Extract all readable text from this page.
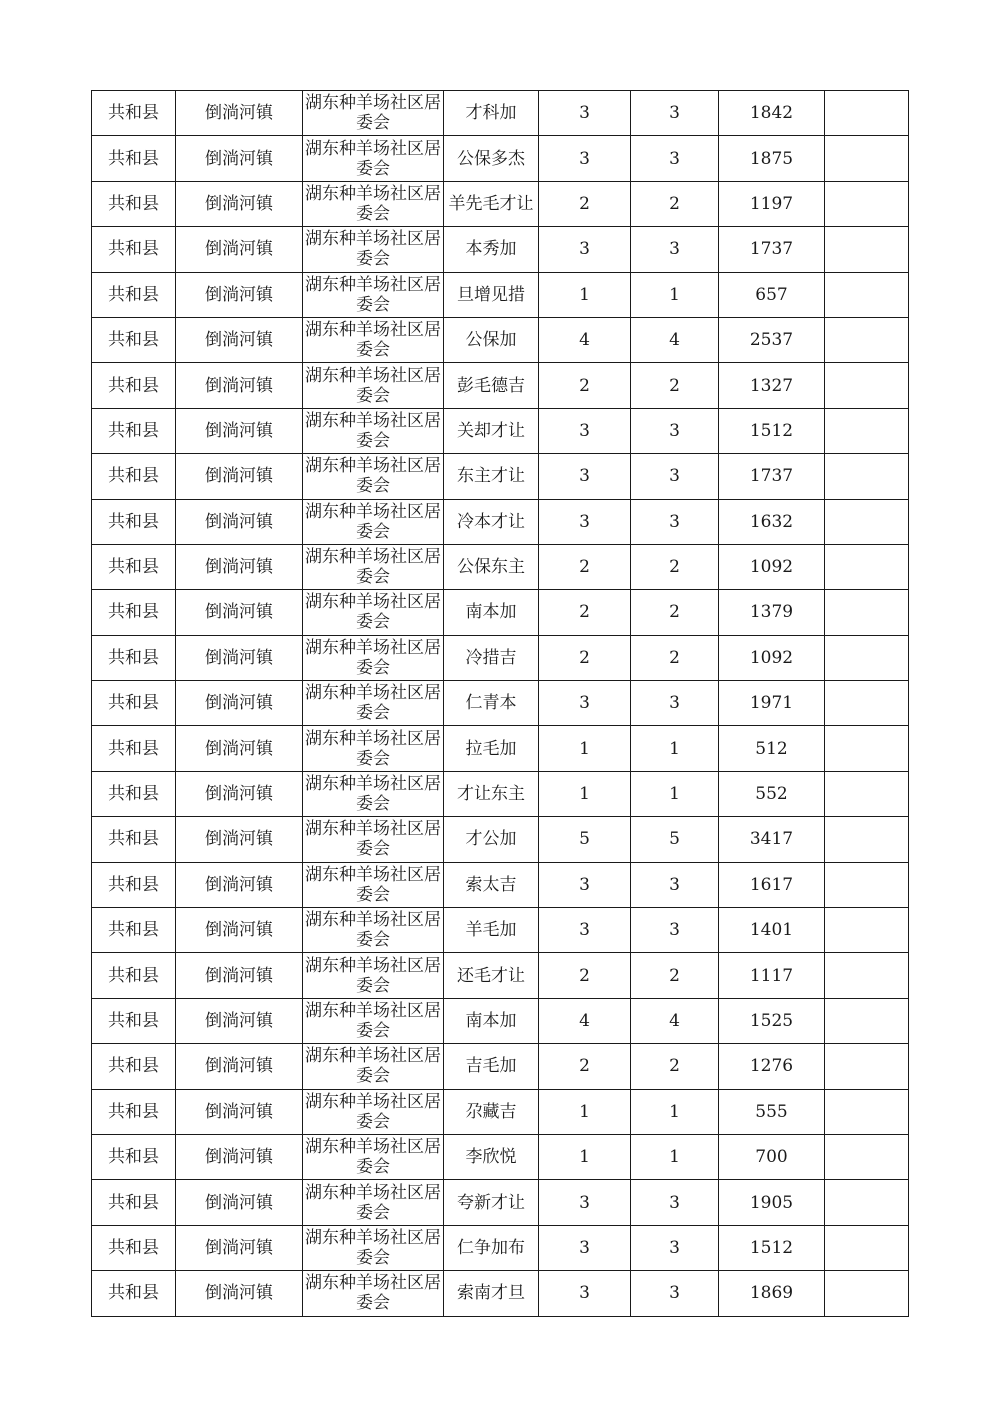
共和县	倒淌河镇	湖东种羊场社区居委会	才科加	3	3	1842	
共和县	倒淌河镇	湖东种羊场社区居委会	公保多杰	3	3	1875	
共和县	倒淌河镇	湖东种羊场社区居委会	羊先毛才让	2	2	1197	
共和县	倒淌河镇	湖东种羊场社区居委会	本秀加	3	3	1737	
共和县	倒淌河镇	湖东种羊场社区居委会	旦增见措	1	1	657	
共和县	倒淌河镇	湖东种羊场社区居委会	公保加	4	4	2537	
共和县	倒淌河镇	湖东种羊场社区居委会	彭毛德吉	2	2	1327	
共和县	倒淌河镇	湖东种羊场社区居委会	关却才让	3	3	1512	
共和县	倒淌河镇	湖东种羊场社区居委会	东主才让	3	3	1737	
共和县	倒淌河镇	湖东种羊场社区居委会	冷本才让	3	3	1632	
共和县	倒淌河镇	湖东种羊场社区居委会	公保东主	2	2	1092	
共和县	倒淌河镇	湖东种羊场社区居委会	南本加	2	2	1379	
共和县	倒淌河镇	湖东种羊场社区居委会	冷措吉	2	2	1092	
共和县	倒淌河镇	湖东种羊场社区居委会	仁青本	3	3	1971	
共和县	倒淌河镇	湖东种羊场社区居委会	拉毛加	1	1	512	
共和县	倒淌河镇	湖东种羊场社区居委会	才让东主	1	1	552	
共和县	倒淌河镇	湖东种羊场社区居委会	才公加	5	5	3417	
共和县	倒淌河镇	湖东种羊场社区居委会	索太吉	3	3	1617	
共和县	倒淌河镇	湖东种羊场社区居委会	羊毛加	3	3	1401	
共和县	倒淌河镇	湖东种羊场社区居委会	还毛才让	2	2	1117	
共和县	倒淌河镇	湖东种羊场社区居委会	南本加	4	4	1525	
共和县	倒淌河镇	湖东种羊场社区居委会	吉毛加	2	2	1276	
共和县	倒淌河镇	湖东种羊场社区居委会	尕藏吉	1	1	555	
共和县	倒淌河镇	湖东种羊场社区居委会	李欣悦	1	1	700	
共和县	倒淌河镇	湖东种羊场社区居委会	夸新才让	3	3	1905	
共和县	倒淌河镇	湖东种羊场社区居委会	仁争加布	3	3	1512	
共和县	倒淌河镇	湖东种羊场社区居委会	索南才旦	3	3	1869	
